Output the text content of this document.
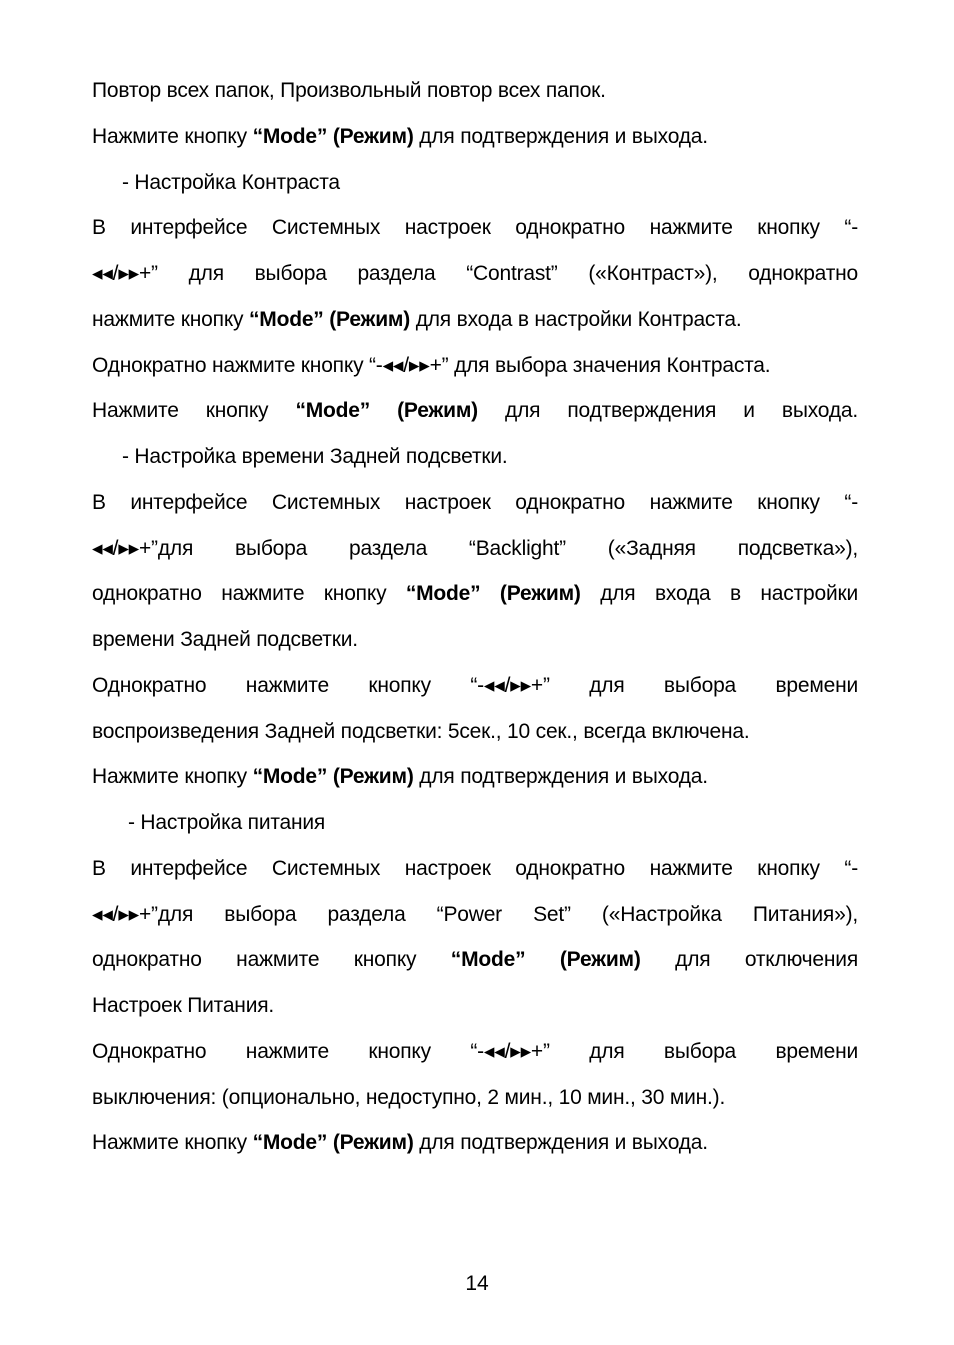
Повтор всех папок, Произвольный повтор всех папок.
Нажмите кнопку “Mode” (Режим) для подтверждения и выхода.
- Настройка Контраста
В интерфейсе Системных настроек однократно нажмите кнопку “-
◂◂/▸▸+” для выбора раздела “Contrast” («Контраст»), однократно
нажмите кнопку “Mode” (Режим) для входа в настройки Контраста.
Однократно нажмите кнопку “-◂◂/▸▸+” для выбора значения Контраста.
Нажмите кнопку “Mode” (Режим) для подтверждения и выхода.
- Настройка времени Задней подсветки.
В интерфейсе Системных настроек однократно нажмите кнопку “-
◂◂/▸▸+”для выбора раздела “Backlight” («Задняя подсветка»),
однократно нажмите кнопку “Mode” (Режим) для входа в настройки
времени Задней подсветки.
Однократно нажмите кнопку “-◂◂/▸▸+” для выбора времени
воспроизведения Задней подсветки: 5сек., 10 сек., всегда включена.
Нажмите кнопку “Mode” (Режим) для подтверждения и выхода.
- Настройка питания
В интерфейсе Системных настроек однократно нажмите кнопку “-
◂◂/▸▸+”для выбора раздела “Power Set” («Настройка Питания»),
однократно нажмите кнопку “Mode” (Режим) для отключения
Настроек Питания.
Однократно нажмите кнопку “-◂◂/▸▸+” для выбора времени
выключения: (опционально, недоступно, 2 мин., 10 мин., 30 мин.).
Нажмите кнопку “Mode” (Режим) для подтверждения и выхода.
14
